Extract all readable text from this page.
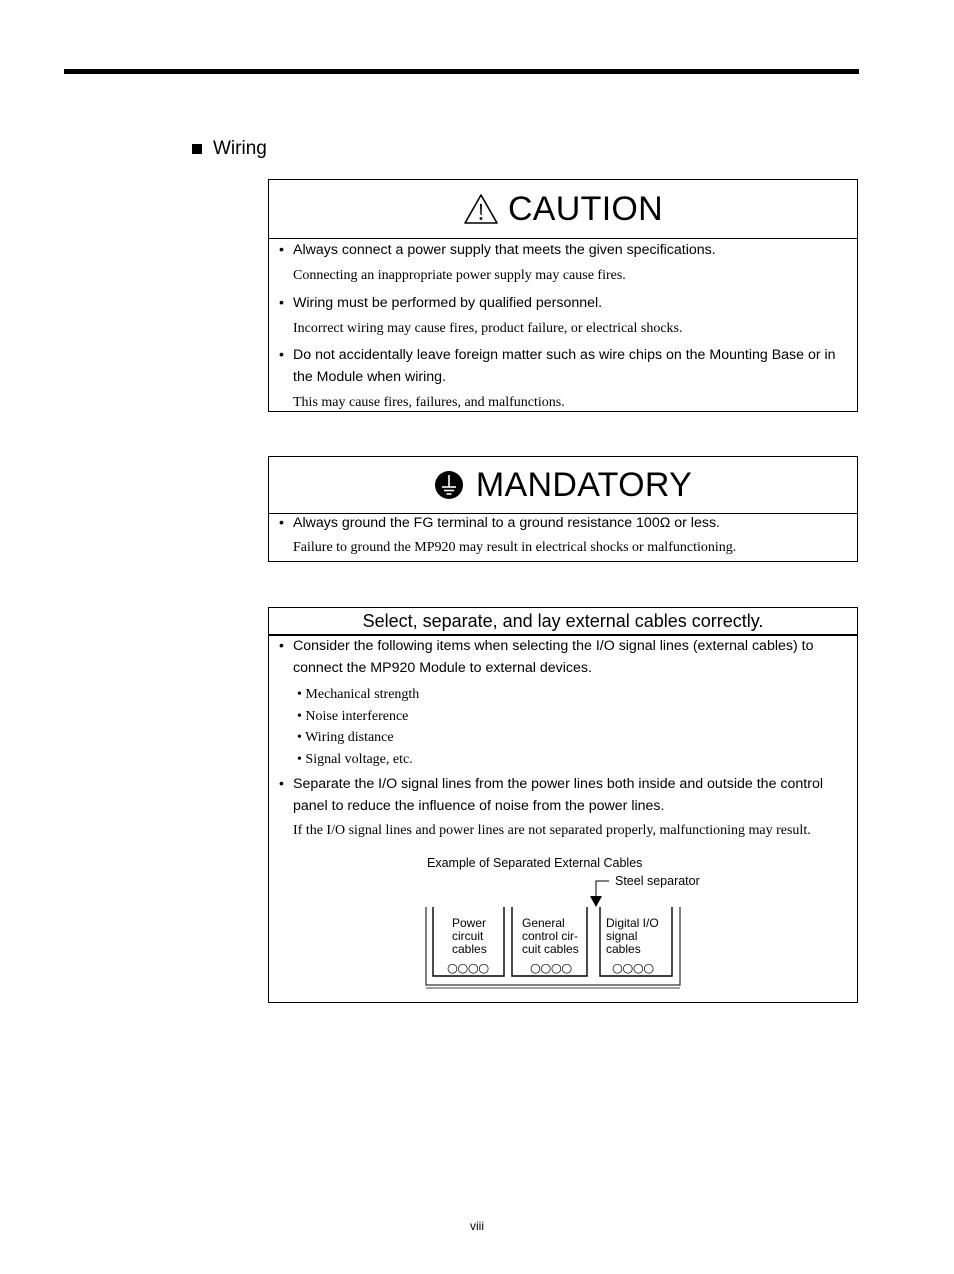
Wiring
CAUTION
• Always connect a power supply that meets the given specifications.
Connecting an inappropriate power supply may cause fires.
• Wiring must be performed by qualified personnel.
Incorrect wiring may cause fires, product failure, or electrical shocks.
• Do not accidentally leave foreign matter such as wire chips on the Mounting Base or in the Module when wiring.
This may cause fires, failures, and malfunctions.
MANDATORY
• Always ground the FG terminal to a ground resistance 100Ω or less.
Failure to ground the MP920 may result in electrical shocks or malfunctioning.
Select, separate, and lay external cables correctly.
• Consider the following items when selecting the I/O signal lines (external cables) to connect the MP920 Module to external devices.
• Mechanical strength
• Noise interference
• Wiring distance
• Signal voltage, etc.
• Separate the I/O signal lines from the power lines both inside and outside the control panel to reduce the influence of noise from the power lines.
If the I/O signal lines and power lines are not separated properly, malfunctioning may result.
Example of Separated External Cables
Steel separator
Power circuit cables
General control cir- cuit cables
Digital I/O signal cables
○○○○	○○○○	○○○○
viii
